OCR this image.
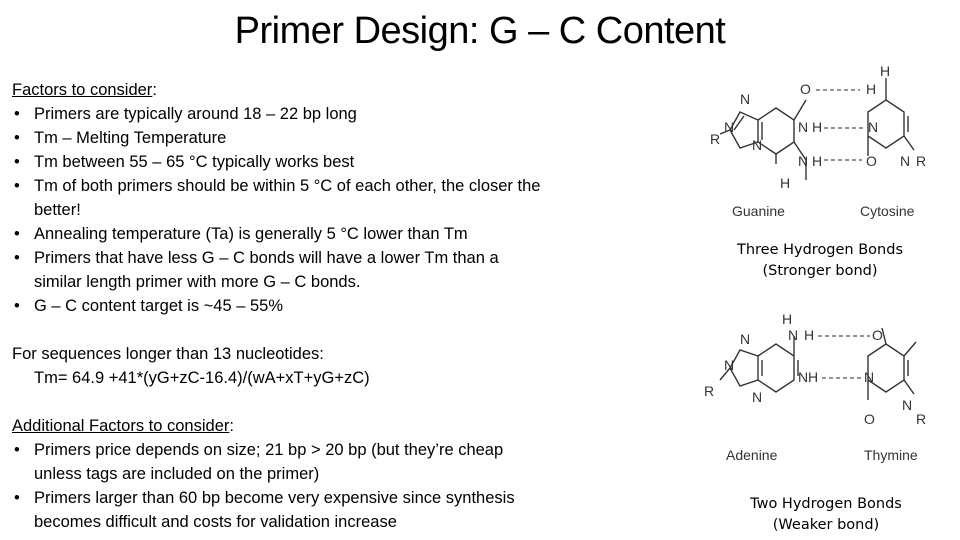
Primer Design: G – C Content
Factors to consider:
• Primers are typically around 18 – 22 bp long
• Tm – Melting Temperature
• Tm between 55 – 65 °C typically works best
• Tm of both primers should be within 5 °C of each other, the closer the better!
• Annealing temperature (Ta) is generally 5 °C lower than Tm
• Primers that have less G – C bonds will have a lower Tm than a similar length primer with more G – C bonds.
• G – C content target is ~45 – 55%
For sequences longer than 13 nucleotides:
Tm= 64.9 +41*(yG+zC-16.4)/(wA+xT+yG+zC)
Additional Factors to consider:
• Primers price depends on size; 21 bp > 20 bp (but they’re cheap unless tags are included on the primer)
• Primers larger than 60 bp become very expensive since synthesis becomes difficult and costs for validation increase
O	H
H
N
N
R
N H	N
N
N H	O N R
H
Guanine	Cytosine
Three Hydrogen Bonds
(Stronger bond)
H
N H	O
N
N
R
N H	N
N	N
R
O
Adenine	Thymine
Two Hydrogen Bonds
(Weaker bond)
